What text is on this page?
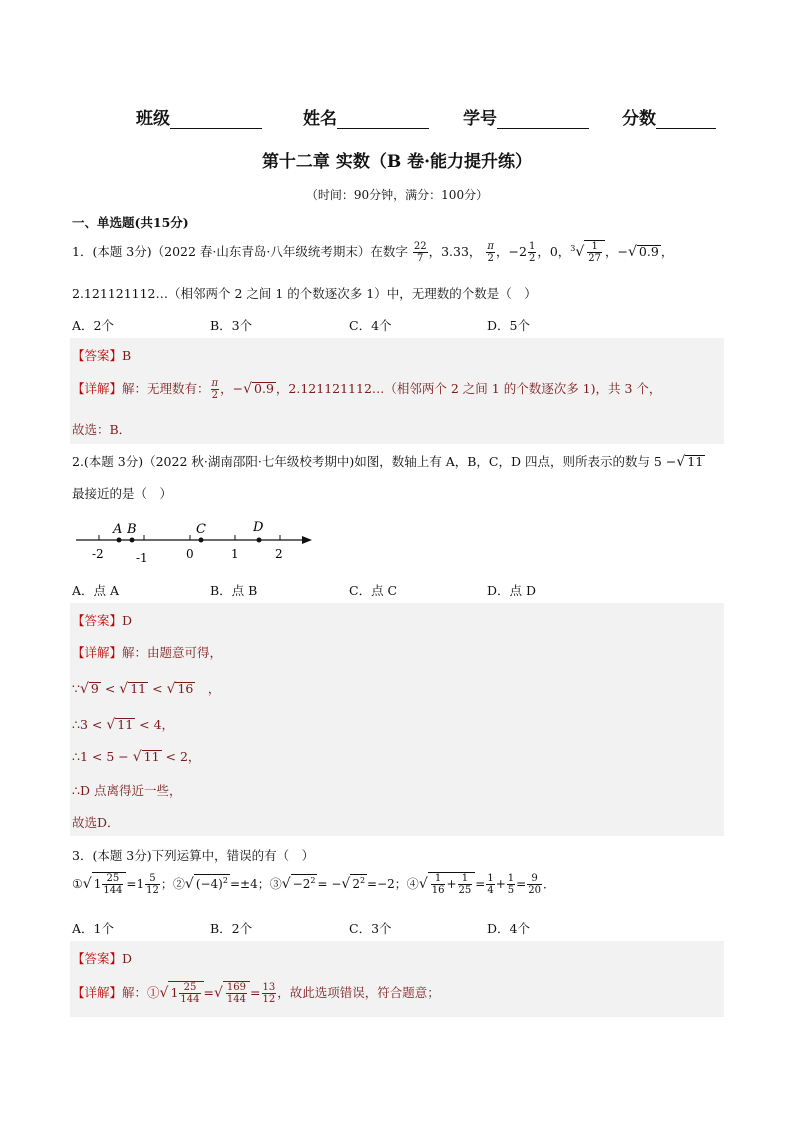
班级	姓名	学号	分数
第十二章 实数（B 卷·能力提升练）
（时间：90分钟，满分：100分）
一、单选题(共15分)
1．(本题 3分)（2022 春·山东青岛·八年级统考期末）在数字 $\frac{22}{7}$ ，3.33， $\frac{\pi}{2}$ ，$-2 \frac{1}{2}$ ，0，$^3√ \frac{1}{27}$ ，−√ 0.9 ，
2.121121112…（相邻两个 2 之间 1 的个数逐次多 1）中，无理数的个数是（　）
A．2个	B．3个	C．4个	D．5个
【答案】B
【详解】解：无理数有： $\frac{\pi}{2}$ ，−√ 0.9 ，2.121121112…（相邻两个 2 之间 1 的个数逐次多 1)，共 3 个，
故选：B．
2.(本题 3分)（2022 秋·湖南邵阳·七年级校考期中)如图，数轴上有 A，B，C，D 四点，则所表示的数与 5 −√ 11
最接近的是（　）
-2	-1	0	1	2
A B	C	D
A．点 A	B．点 B	C．点 C	D．点 D
【答案】D
【详解】解：由题意可得，
∵√ 9 < √ 11 < √ 16　 ，
∴3 < √ 11 < 4，
∴1 < 5 − √ 11 < 2，
∴D 点离得近一些，
故选D．
3．(本题 3分)下列运算中，错误的有（　）
①√ $1 \frac{25}{144} =1 \frac{5}{12}$ ；②√ $(-4)^2 =\pm 4$；③√ $-2^2$ = −√ $2^2 =-2$；④√ $\frac{1}{16} + \frac{1}{25} = \frac{1}{4} + \frac{1}{5} = \frac{9}{20}$ ．
A．1个	B．2个	C．3个	D．4个
【答案】D
【详解】解：①√ $1 \frac{25}{144}$ =√ $\frac{169}{144} = \frac{13}{12}$ ，故此选项错误，符合题意；
